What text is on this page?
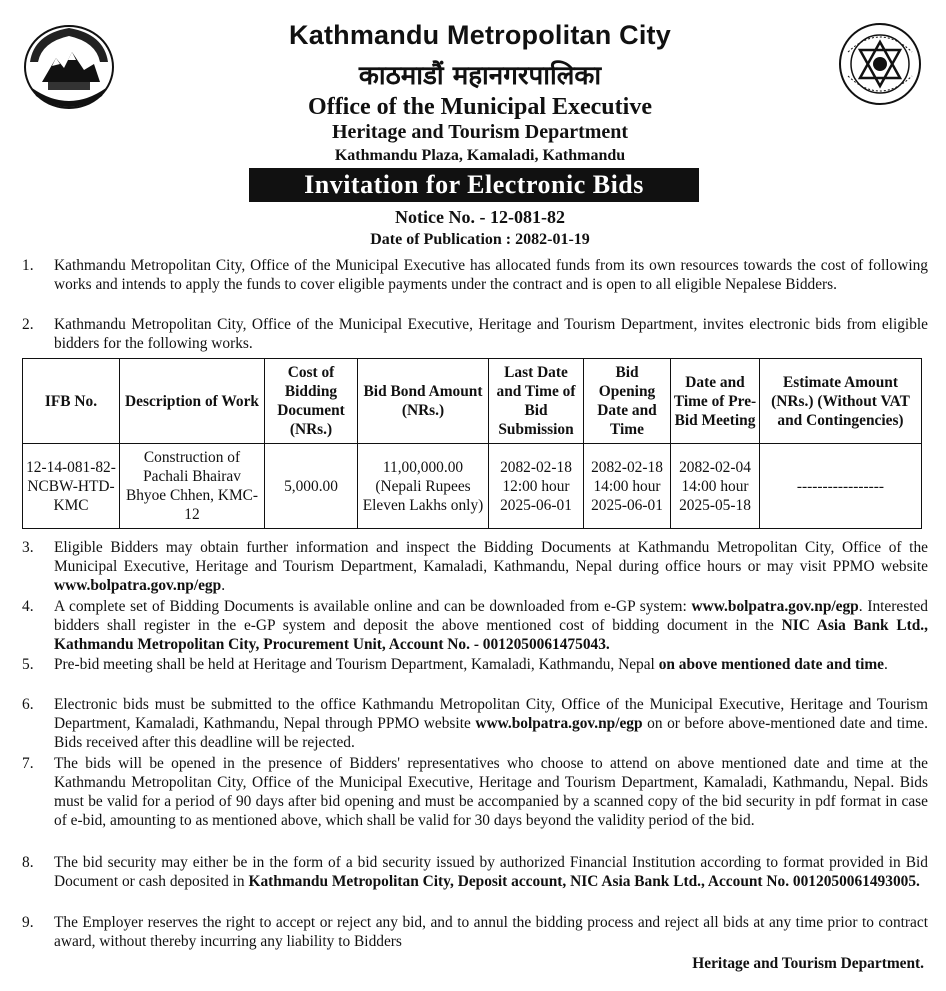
Kathmandu Metropolitan City
काठमाडौं महानगरपालिका
Office of the Municipal Executive
Heritage and Tourism Department
Kathmandu Plaza, Kamaladi, Kathmandu
Invitation for Electronic Bids
Notice No. - 12-081-82
Date of Publication : 2082-01-19
1.	Kathmandu Metropolitan City, Office of the Municipal Executive has allocated funds from its own resources towards the cost of following works and intends to apply the funds to cover eligible payments under the contract and is open to all eligible Nepalese Bidders.
2.	Kathmandu Metropolitan City, Office of the Municipal Executive, Heritage and Tourism Department, invites electronic bids from eligible bidders for the following works.
IFB No.	Description of Work	Cost of Bidding Document (NRs.)	Bid Bond Amount (NRs.)	Last Date and Time of Bid Submission	Bid Opening Date and Time	Date and Time of Pre-Bid Meeting	Estimate Amount (NRs.) (Without VAT and Contingencies)
12-14-081-82-NCBW-HTD-KMC	Construction of Pachali Bhairav Bhyoe Chhen, KMC-12	5,000.00	11,00,000.00 (Nepali Rupees Eleven Lakhs only)	2082-02-18 12:00 hour 2025-06-01	2082-02-18 14:00 hour 2025-06-01	2082-02-04 14:00 hour 2025-05-18	-----------------
3.	Eligible Bidders may obtain further information and inspect the Bidding Documents at Kathmandu Metropolitan City, Office of the Municipal Executive, Heritage and Tourism Department, Kamaladi, Kathmandu, Nepal during office hours or may visit PPMO website www.bolpatra.gov.np/egp.
4.	A complete set of Bidding Documents is available online and can be downloaded from e-GP system: www.bolpatra.gov.np/egp. Interested bidders shall register in the e-GP system and deposit the above mentioned cost of bidding document in the NIC Asia Bank Ltd., Kathmandu Metropolitan City, Procurement Unit, Account No. - 0012050061475043.
5.	Pre-bid meeting shall be held at Heritage and Tourism Department, Kamaladi, Kathmandu, Nepal on above mentioned date and time.
6.	Electronic bids must be submitted to the office Kathmandu Metropolitan City, Office of the Municipal Executive, Heritage and Tourism Department, Kamaladi, Kathmandu, Nepal through PPMO website www.bolpatra.gov.np/egp on or before above-mentioned date and time. Bids received after this deadline will be rejected.
7.	The bids will be opened in the presence of Bidders' representatives who choose to attend on above mentioned date and time at the Kathmandu Metropolitan City, Office of the Municipal Executive, Heritage and Tourism Department, Kamaladi, Kathmandu, Nepal. Bids must be valid for a period of 90 days after bid opening and must be accompanied by a scanned copy of the bid security in pdf format in case of e-bid, amounting to as mentioned above, which shall be valid for 30 days beyond the validity period of the bid.
8.	The bid security may either be in the form of a bid security issued by authorized Financial Institution according to format provided in Bid Document or cash deposited in Kathmandu Metropolitan City, Deposit account, NIC Asia Bank Ltd., Account No. 0012050061493005.
9.	The Employer reserves the right to accept or reject any bid, and to annul the bidding process and reject all bids at any time prior to contract award, without thereby incurring any liability to Bidders
Heritage and Tourism Department.
